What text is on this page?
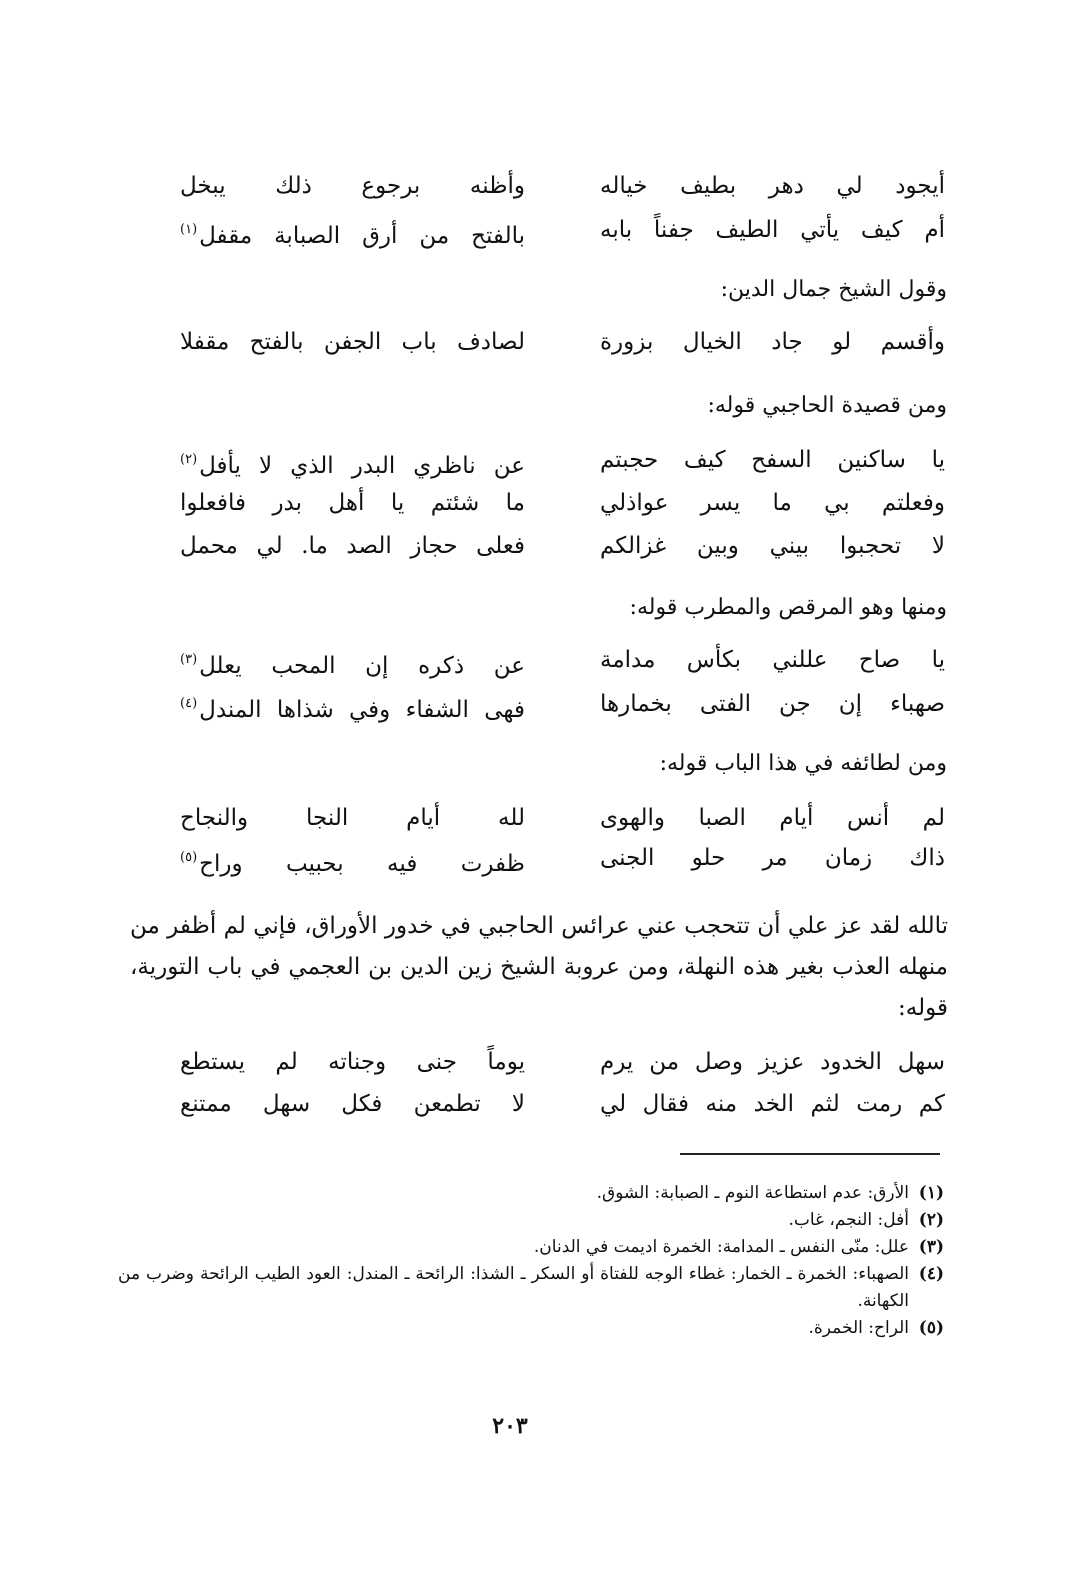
أيجود لي دهر بطيف خياله
وأظنه برجوع ذلك يبخل
أم كيف يأتي الطيف جفناً بابه
بالفتح من أرق الصبابة مقفل$^{(١)}$
وقول الشيخ جمال الدين:
وأقسم لو جاد الخيال بزورة
لصادف باب الجفن بالفتح مقفلا
ومن قصيدة الحاجبي قوله:
يا ساكنين السفح كيف حجبتم
عن ناظري البدر الذي لا يأفل$^{(٢)}$
وفعلتم بي ما يسر عواذلي
ما شئتم يا أهل بدر فافعلوا
لا تحجبوا بيني وبين غزالكم
فعلى حجاز الصد ما. لي محمل
ومنها وهو المرقص والمطرب قوله:
يا صاح عللني بكأس مدامة
عن ذكره إن المحب يعلل$^{(٣)}$
صهباء إن جن الفتى بخمارها
فهى الشفاء وفي شذاها المندل$^{(٤)}$
ومن لطائفه في هذا الباب قوله:
لم أنس أيام الصبا والهوى
لله أيام النجا والنجاح
ذاك زمان مر حلو الجنى
ظفرت فيه بحبيب وراح$^{(٥)}$
تالله لقد عز علي أن تتحجب عني عرائس الحاجبي في خدور الأوراق، فإني لم أظفر من منهله العذب بغير هذه النهلة، ومن عروبة الشيخ زين الدين بن العجمي في باب التورية، قوله:
سهل الخدود عزيز وصل من يرم
يوماً جنى وجناته لم يستطع
كم رمت لثم الخد منه فقال لي
لا تطمعن فكل سهل ممتنع
(١)
الأرق: عدم استطاعة النوم ـ الصبابة: الشوق.
(٢)
أفل: النجم، غاب.
(٣)
علل: منّى النفس ـ المدامة: الخمرة اديمت في الدنان.
(٤)
الصهباء: الخمرة ـ الخمار: غطاء الوجه للفتاة أو السكر ـ الشذا: الرائحة ـ المندل: العود الطيب الرائحة وضرب من الكهانة.
(٥)
الراح: الخمرة.
٢٠٣
